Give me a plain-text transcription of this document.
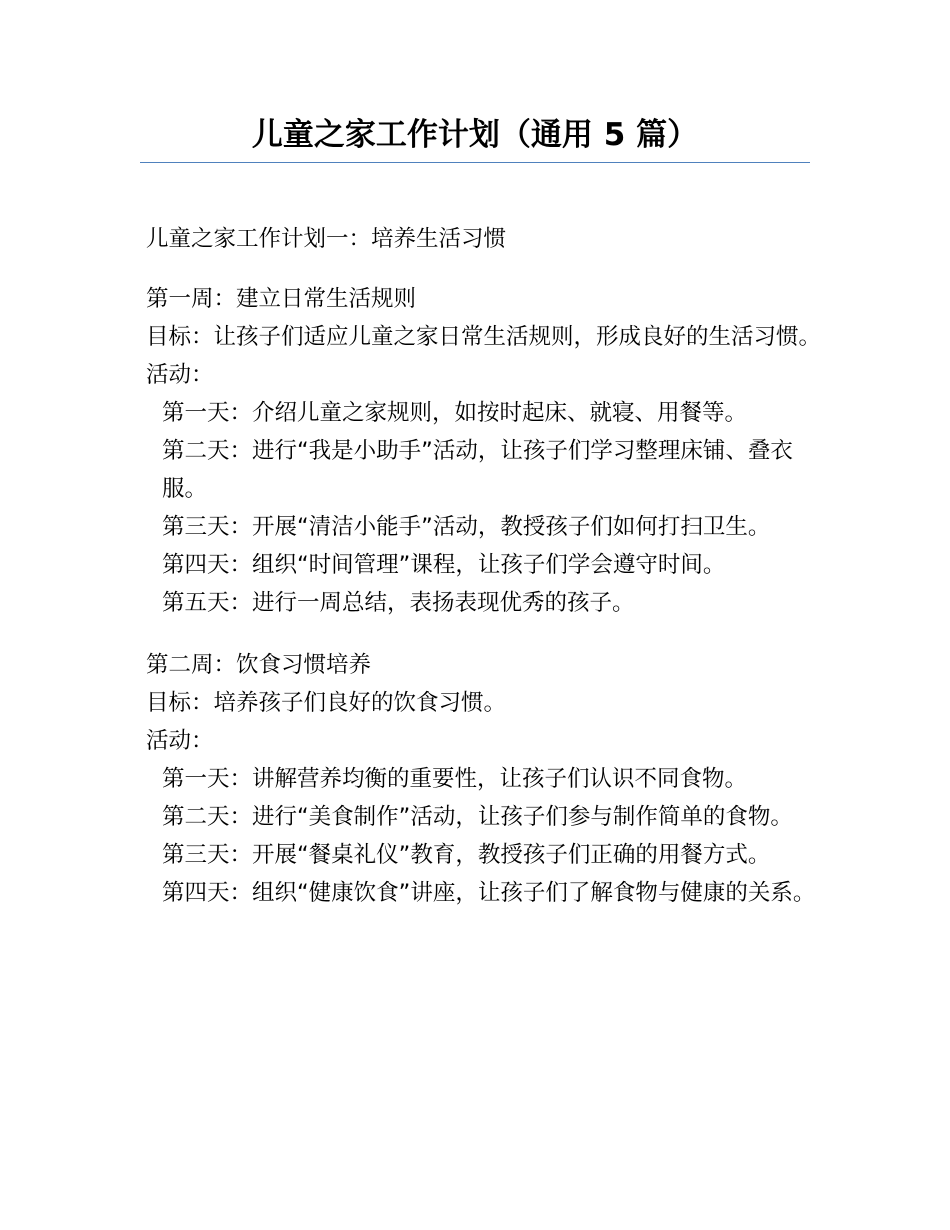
儿童之家工作计划（通用 5 篇）

儿童之家工作计划一：培养生活习惯

第一周：建立日常生活规则

目标：让孩子们适应儿童之家日常生活规则，形成良好的生活习惯。

活动：

第一天：介绍儿童之家规则，如按时起床、就寝、用餐等。

第二天：进行“我是小助手”活动，让孩子们学习整理床铺、叠衣服。

第三天：开展“清洁小能手”活动，教授孩子们如何打扫卫生。

第四天：组织“时间管理”课程，让孩子们学会遵守时间。

第五天：进行一周总结，表扬表现优秀的孩子。

第二周：饮食习惯培养

目标：培养孩子们良好的饮食习惯。

活动：

第一天：讲解营养均衡的重要性，让孩子们认识不同食物。

第二天：进行“美食制作”活动，让孩子们参与制作简单的食物。

第三天：开展“餐桌礼仪”教育，教授孩子们正确的用餐方式。

第四天：组织“健康饮食”讲座，让孩子们了解食物与健康的关系。
